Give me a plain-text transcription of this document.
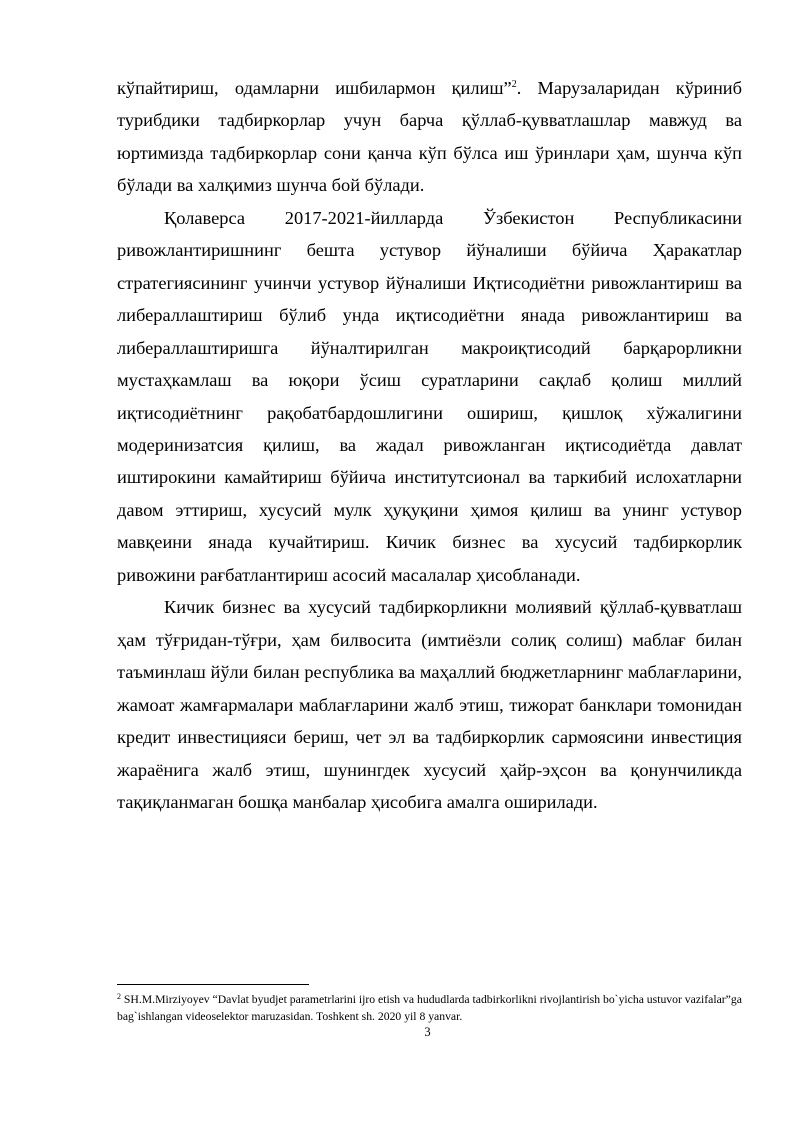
кўпайтириш, одамларни ишбилармон қилиш”$^2$. Марузаларидан кўриниб турибдики тадбиркорлар учун барча қўллаб-қувватлашлар мавжуд ва юртимизда тадбиркорлар сони қанча кўп бўлса иш ўринлари ҳам, шунча кўп бўлади ва халқимиз шунча бой бўлади.

Қолаверса 2017-2021-йилларда Ўзбекистон Республикасини ривожлантиришнинг бешта устувор йўналиши бўйича Ҳаракатлар стратегиясининг учинчи устувор йўналиши Иқтисодиётни ривожлантириш ва либераллаштириш бўлиб унда иқтисодиётни янада ривожлантириш ва либераллаштиришга йўналтирилган макроиқтисодий барқарорликни мустаҳкамлаш ва юқори ўсиш суратларини сақлаб қолиш миллий иқтисодиётнинг рақобатбардошлигини ошириш, қишлоқ хўжалигини модеринизатсия қилиш, ва жадал ривожланган иқтисодиётда давлат иштирокини камайтириш бўйича институтсионал ва таркибий ислохатларни давом эттириш, хусусий мулк ҳуқуқини ҳимоя қилиш ва унинг устувор мавқеини янада кучайтириш. Кичик бизнес ва хусусий тадбиркорлик ривожини рағбатлантириш асосий масалалар ҳисобланади.

Кичик бизнес ва хусусий тадбиркорликни молиявий қўллаб-қувватлаш ҳам тўғридан-тўғри, ҳам билвосита (имтиёзли солиқ солиш) маблағ билан таъминлаш йўли билан республика ва маҳаллий бюджетларнинг маблағларини, жамоат жамғармалари маблағларини жалб этиш, тижорат банклари томонидан кредит инвестицияси бериш, чет эл ва тадбиркорлик сармоясини инвестиция жараёнига жалб этиш, шунингдек хусусий ҳайр-эҳсон ва қонунчиликда тақиқланмаган бошқа манбалар ҳисобига амалга оширилади.

$^2$ SH.M.Mirziyoyev “Davlat byudjet parametrlarini ijro etish va hududlarda tadbirkorlikni rivojlantirish bo`yicha ustuvor vazifalar”ga bag`ishlangan videoselektor maruzasidan. Toshkent sh. 2020 yil 8 yanvar.

3
